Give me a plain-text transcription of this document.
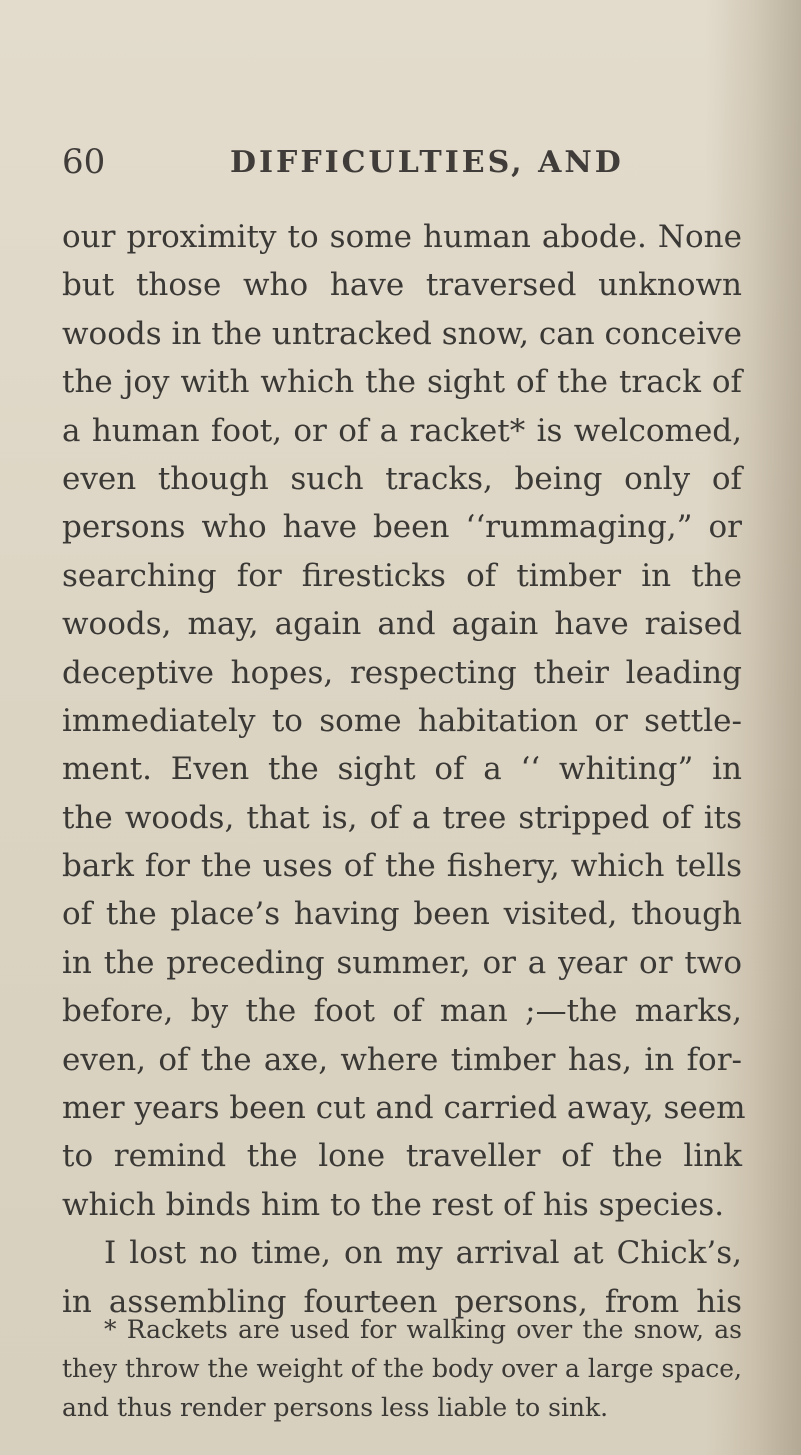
60	DIFFICULTIES, AND
our proximity to some human abode. None
but those who have traversed unknown
woods in the untracked snow, can conceive
the joy with which the sight of the track of
a human foot, or of a racket* is welcomed,
even though such tracks, being only of
persons who have been ‘‘rummaging,” or
searching for firesticks of timber in the
woods, may, again and again have raised
deceptive hopes, respecting their leading
immediately to some habitation or settle-
ment. Even the sight of a ‘‘ whiting” in
the woods, that is, of a tree stripped of its
bark for the uses of the fishery, which tells
of the place’s having been visited, though
in the preceding summer, or a year or two
before, by the foot of man ;—the marks,
even, of the axe, where timber has, in for-
mer years been cut and carried away, seem
to remind the lone traveller of the link
which binds him to the rest of his species.
I lost no time, on my arrival at Chick’s,
in assembling fourteen persons, from his
* Rackets are used for walking over the snow, as
they throw the weight of the body over a large space,
and thus render persons less liable to sink.
